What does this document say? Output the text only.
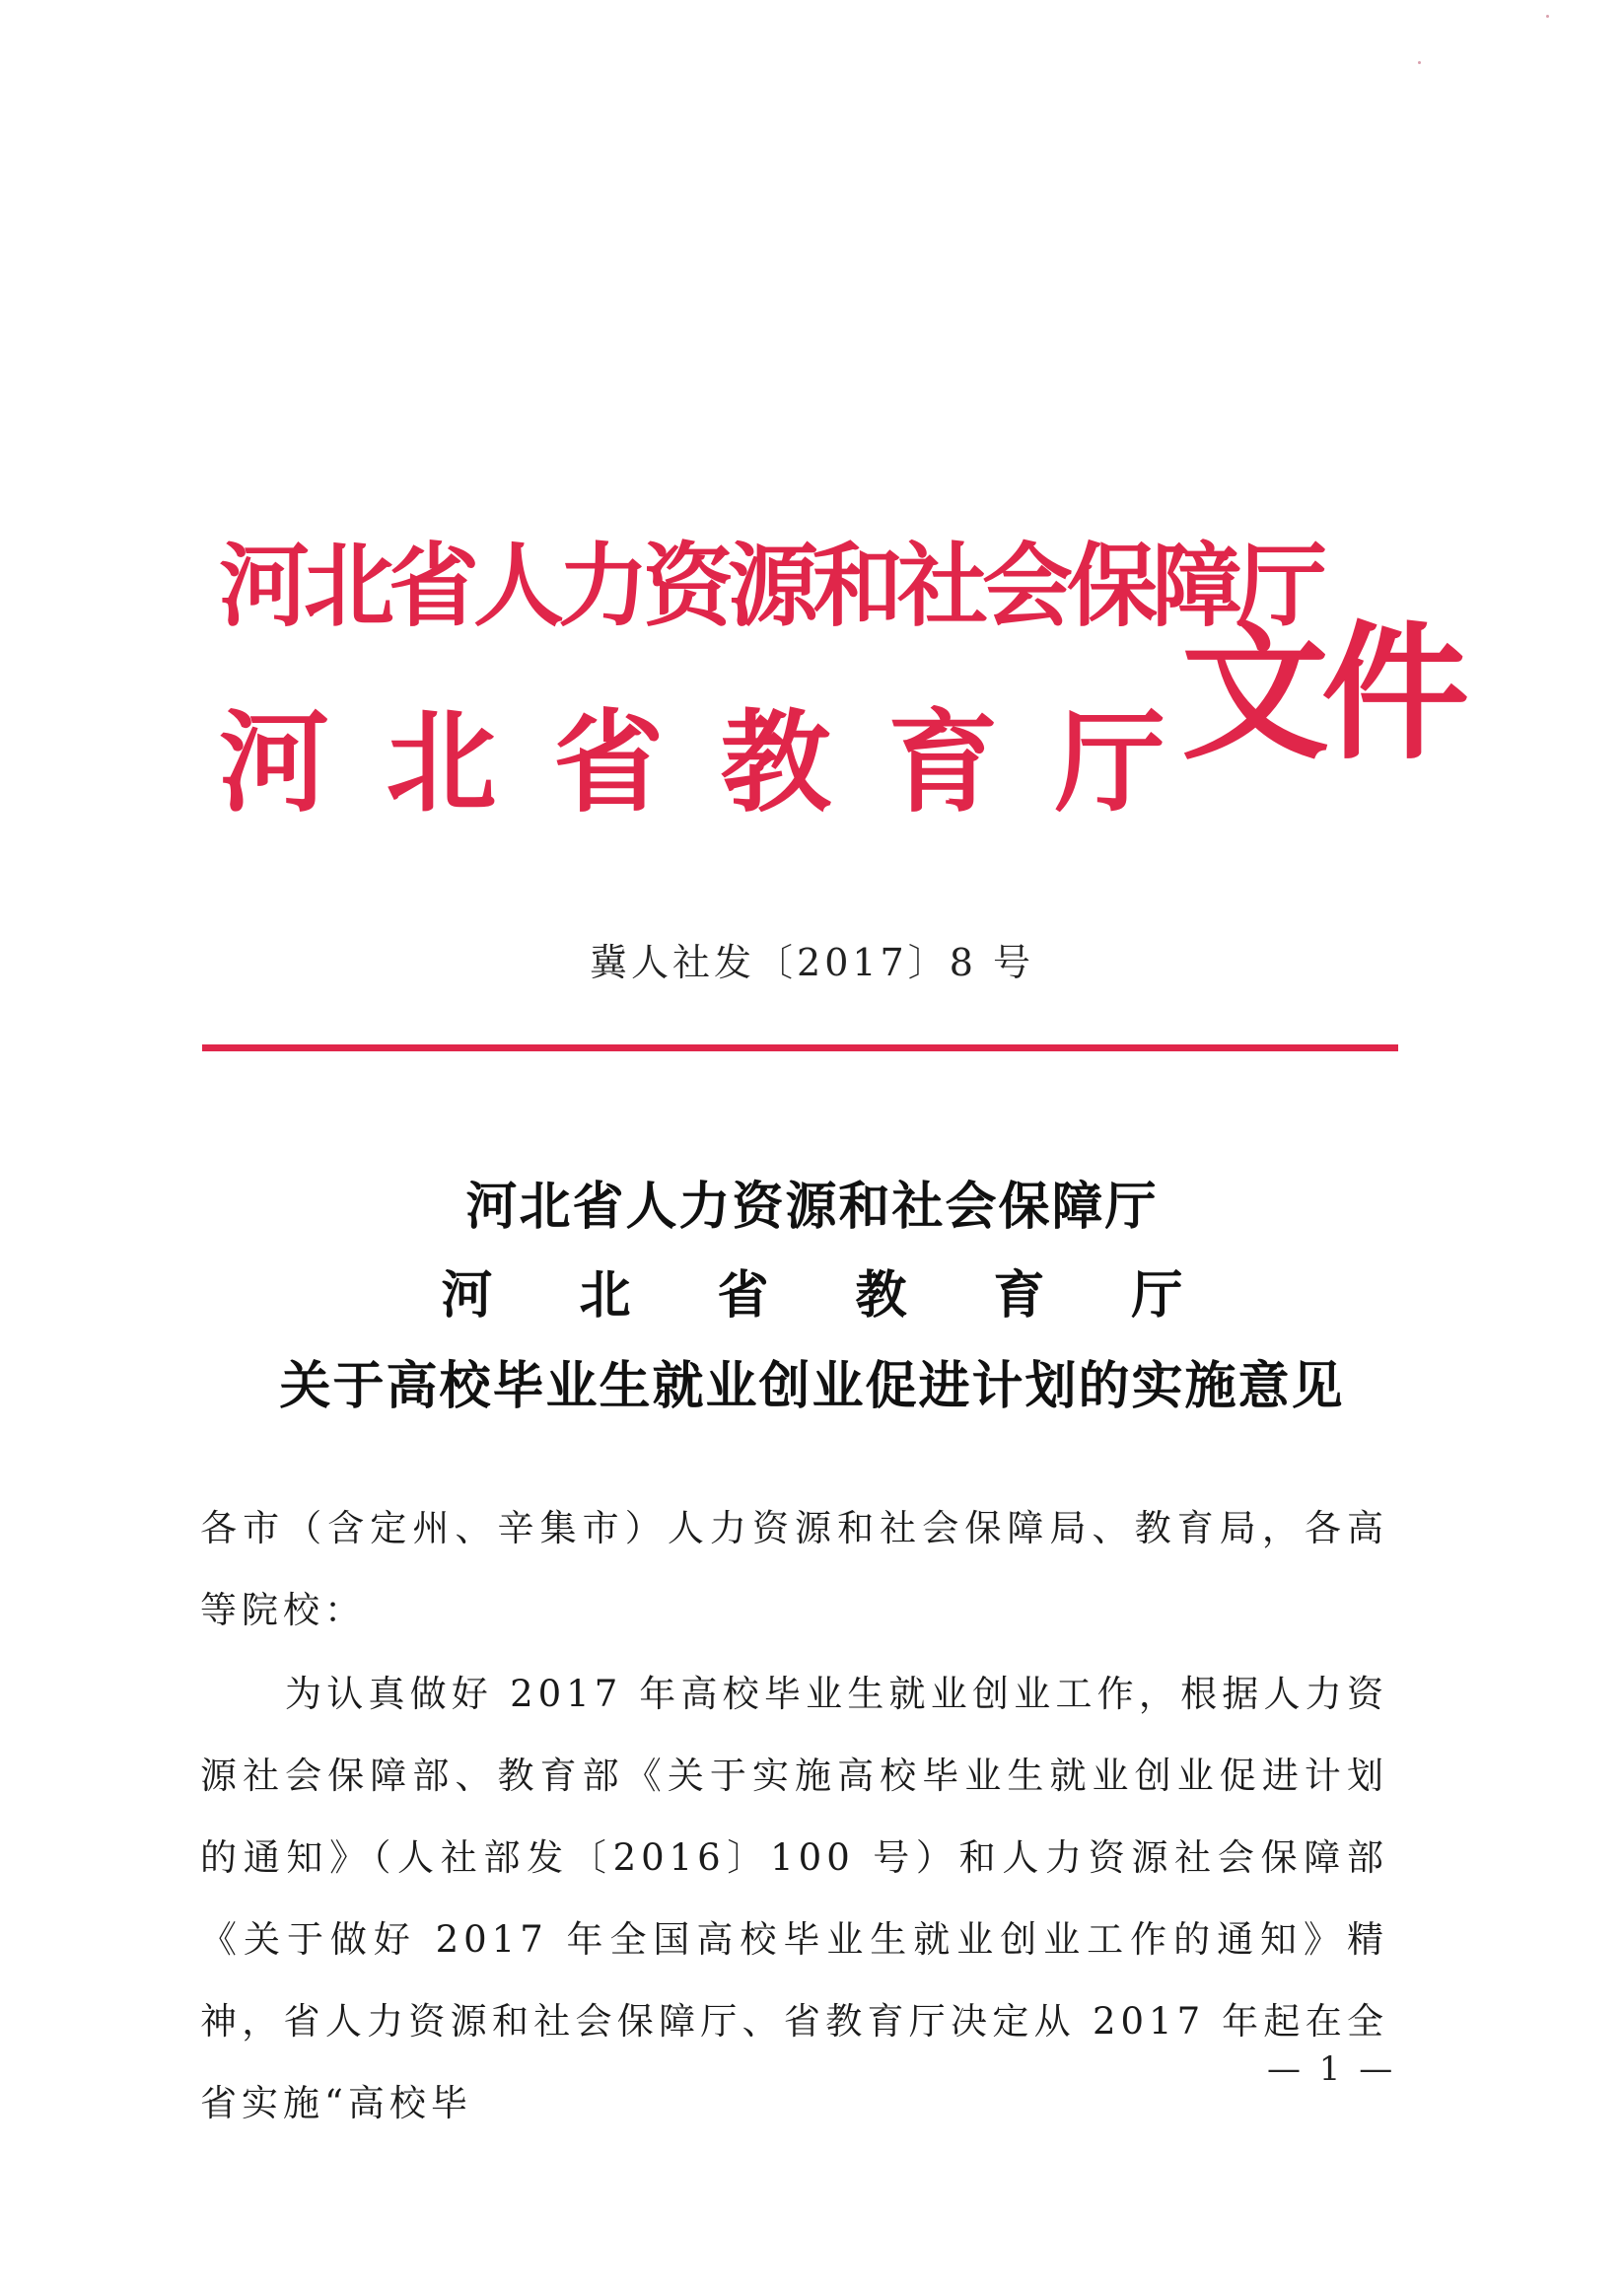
河北省人力资源和社会保障厅
河 北 省 教 育 厅 文件
冀人社发〔2017〕8 号
河北省人力资源和社会保障厅
河 北 省 教 育 厅
关于高校毕业生就业创业促进计划的实施意见
各市（含定州、辛集市）人力资源和社会保障局、教育局，各高等院校：
为认真做好 2017 年高校毕业生就业创业工作，根据人力资源社会保障部、教育部《关于实施高校毕业生就业创业促进计划的通知》（人社部发〔2016〕100 号）和人力资源社会保障部《关于做好 2017 年全国高校毕业生就业创业工作的通知》精神，省人力资源和社会保障厅、省教育厅决定从 2017 年起在全省实施“高校毕
— 1 —
